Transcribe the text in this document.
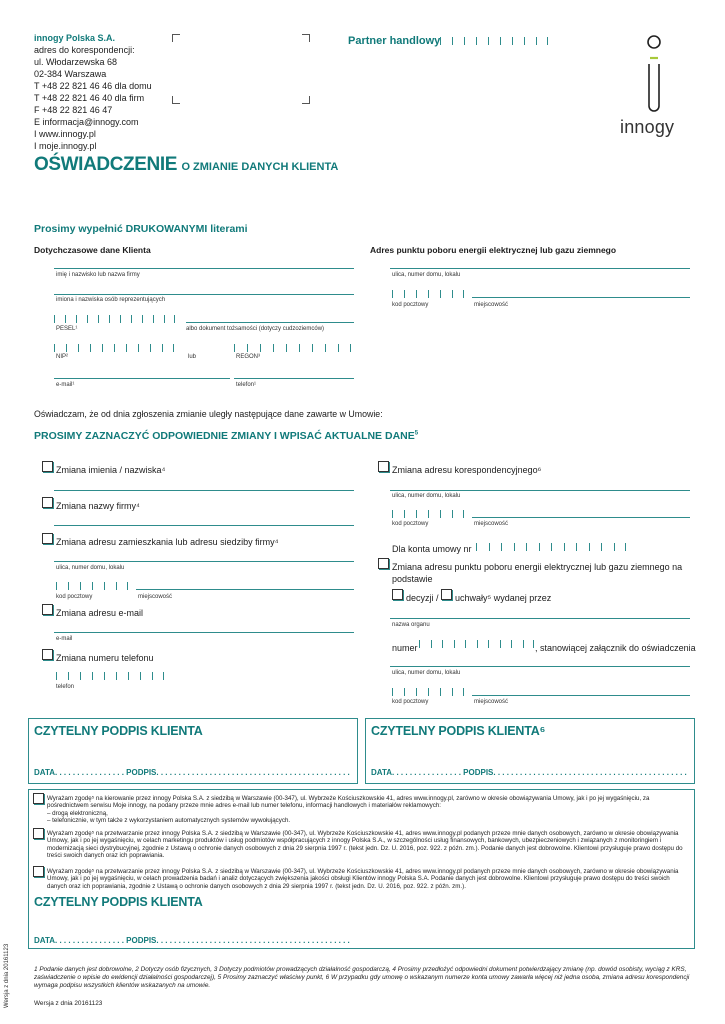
innogy Polska S.A.
adres do korespondencji:
ul. Włodarzewska 68
02-384 Warszawa
T +48 22 821 46 46 dla domu
T +48 22 821 46 40 dla firm
F +48 22 821 46 47
E informacja@innogy.com
I www.innogy.pl
I moje.innogy.pl
Partner handlowy
innogy
OŚWIADCZENIE O ZMIANIE DANYCH KLIENTA
Prosimy wypełnić DRUKOWANYMI literami
Dotychczasowe dane Klienta	Adres punktu poboru energii elektrycznej lub gazu ziemnego
imię i nazwisko lub nazwa firmy
imiona i nazwiska osób reprezentujących
PESEL¹	albo dokument tożsamości (dotyczy cudzoziemców)
NIP²	lub	REGON³
e-mail¹	telefon¹
ulica, numer domu, lokalu
kod pocztowy	miejscowość
Oświadczam, że od dnia zgłoszenia zmianie uległy następujące dane zawarte w Umowie:
PROSIMY ZAZNACZYĆ ODPOWIEDNIE ZMIANY I WPISAĆ AKTUALNE DANE$^5$
Zmiana imienia / nazwiska⁴
Zmiana nazwy firmy⁴
Zmiana adresu zamieszkania lub adresu siedziby firmy⁴
ulica, numer domu, lokalu
kod pocztowy	miejscowość
Zmiana adresu e-mail
e-mail
Zmiana numeru telefonu
telefon
Zmiana adresu korespondencyjnego⁶
ulica, numer domu, lokalu
kod pocztowy	miejscowość
Dla konta umowy nr
Zmiana adresu punktu poboru energii elektrycznej lub gazu ziemnego na
podstawie
decyzji / uchwały⁵ wydanej przez
nazwa organu
numer	, stanowiącej załącznik do oświadczenia
ulica, numer domu, lokalu
kod pocztowy	miejscowość
CZYTELNY PODPIS KLIENTA
DATA. . . . . . . . . . . . . . . . PODPIS. . . . . . . . . . . . . . . . . . . . . . . . . . . . . . . . . . . . . . . . . . . .
CZYTELNY PODPIS KLIENTA⁶
DATA. . . . . . . . . . . . . . . . PODPIS. . . . . . . . . . . . . . . . . . . . . . . . . . . . . . . . . . . . . . . . . . . .
Wyrażam zgodę⁵ na kierowanie przez innogy Polska S.A. z siedzibą w Warszawie (00-347), ul. Wybrzeże Kościuszkowskie 41, adres www.innogy.pl, zarówno w okresie obowiązywania Umowy, jak i po jej wygaśnięciu, za pośrednictwem serwisu Moje innogy, na podany przeze mnie adres e-mail lub numer telefonu, informacji handlowych i materiałów reklamowych:
– drogą elektroniczną,
– telefonicznie, w tym także z wykorzystaniem automatycznych systemów wywołujących.
Wyrażam zgodę⁵ na przetwarzanie przez innogy Polska S.A. z siedzibą w Warszawie (00-347), ul. Wybrzeże Kościuszkowskie 41, adres www.innogy.pl podanych przeze mnie danych osobowych, zarówno w okresie obowiązywania Umowy, jak i po jej wygaśnięciu, w celach marketingu produktów i usług podmiotów współpracujących z innogy Polska S.A., w szczególności usług finansowych, bankowych, ubezpieczeniowych i związanych z monitoringiem i modernizacją sieci dystrybucyjnej, zgodnie z Ustawą o ochronie danych osobowych z dnia 29 sierpnia 1997 r. (tekst jedn. Dz. U. 2016, poz. 922. z późn. zm.). Podanie danych jest dobrowolne. Klientowi przysługuje prawo dostępu do treści swoich danych oraz ich poprawiania.
Wyrażam zgodę⁵ na przetwarzanie przez innogy Polska S.A. z siedzibą w Warszawie (00-347), ul. Wybrzeże Kościuszkowskie 41, adres www.innogy.pl podanych przeze mnie danych osobowych, zarówno w okresie obowiązywania Umowy, jak i po jej wygaśnięciu, w celach prowadzenia badań i analiz dotyczących zwiększenia jakości obsługi Klientów innogy Polska S.A. Podanie danych jest dobrowolne. Klientowi przysługuje prawo dostępu do treści swoich danych oraz ich poprawiania, zgodnie z Ustawą o ochronie danych osobowych z dnia 29 sierpnia 1997 r. (tekst jedn. Dz. U. 2016, poz. 922. z późn. zm.).
CZYTELNY PODPIS KLIENTA
DATA. . . . . . . . . . . . . . . . PODPIS. . . . . . . . . . . . . . . . . . . . . . . . . . . . . . . . . . . . . . . . . . . .
1 Podanie danych jest dobrowolne, 2 Dotyczy osób fizycznych, 3 Dotyczy podmiotów prowadzących działalność gospodarczą, 4 Prosimy przedłożyć odpowiedni dokument potwierdzający zmianę (np. dowód osobisty, wyciąg z KRS, zaświadczenie o wpisie do ewidencji działalności gospodarczej), 5 Prosimy zaznaczyć właściwy punkt, 6 W przypadku gdy umowę o wskazanym numerze konta umowy zawarła więcej niż jedna osoba, zmiana adresu korespondencji wymaga podpisu wszystkich klientów wskazanych na umowie.
Wersja z dnia 20161123
Wersja z dnia 20161123
